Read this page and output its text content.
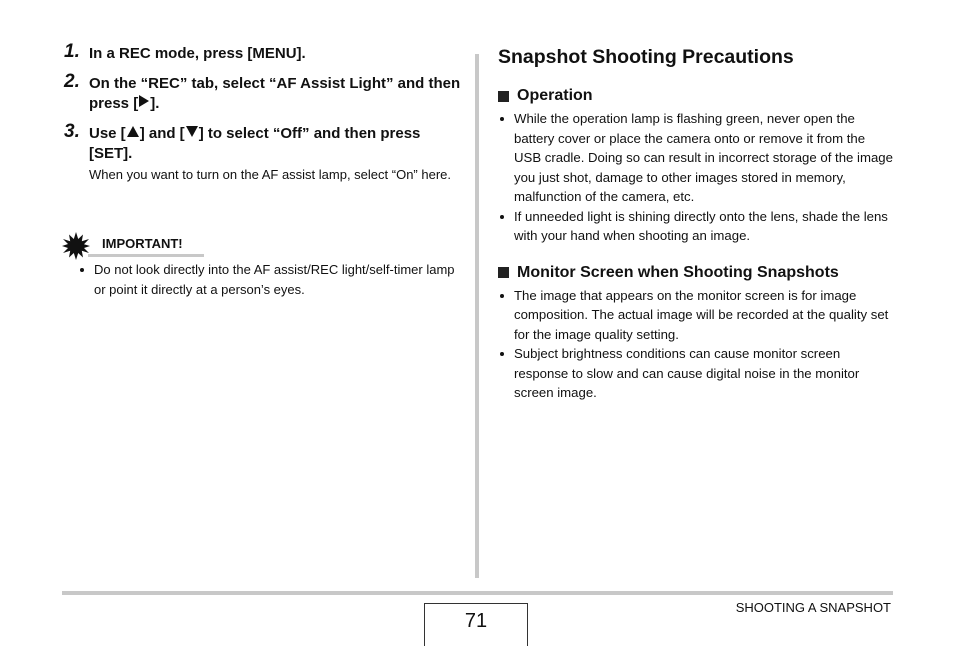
1. In a REC mode, press [MENU].
2. On the “REC” tab, select “AF Assist Light” and then press [ ].
3. Use [ ] and [ ] to select “Off” and then press [SET].
When you want to turn on the AF assist lamp, select “On” here.
IMPORTANT!
Do not look directly into the AF assist/REC light/self-timer lamp or point it directly at a person’s eyes.
Snapshot Shooting Precautions
Operation
While the operation lamp is flashing green, never open the battery cover or place the camera onto or remove it from the USB cradle. Doing so can result in incorrect storage of the image you just shot, damage to other images stored in memory, malfunction of the camera, etc.
If unneeded light is shining directly onto the lens, shade the lens with your hand when shooting an image.
Monitor Screen when Shooting Snapshots
The image that appears on the monitor screen is for image composition. The actual image will be recorded at the quality set for the image quality setting.
Subject brightness conditions can cause monitor screen response to slow and can cause digital noise in the monitor screen image.
71
SHOOTING A SNAPSHOT
